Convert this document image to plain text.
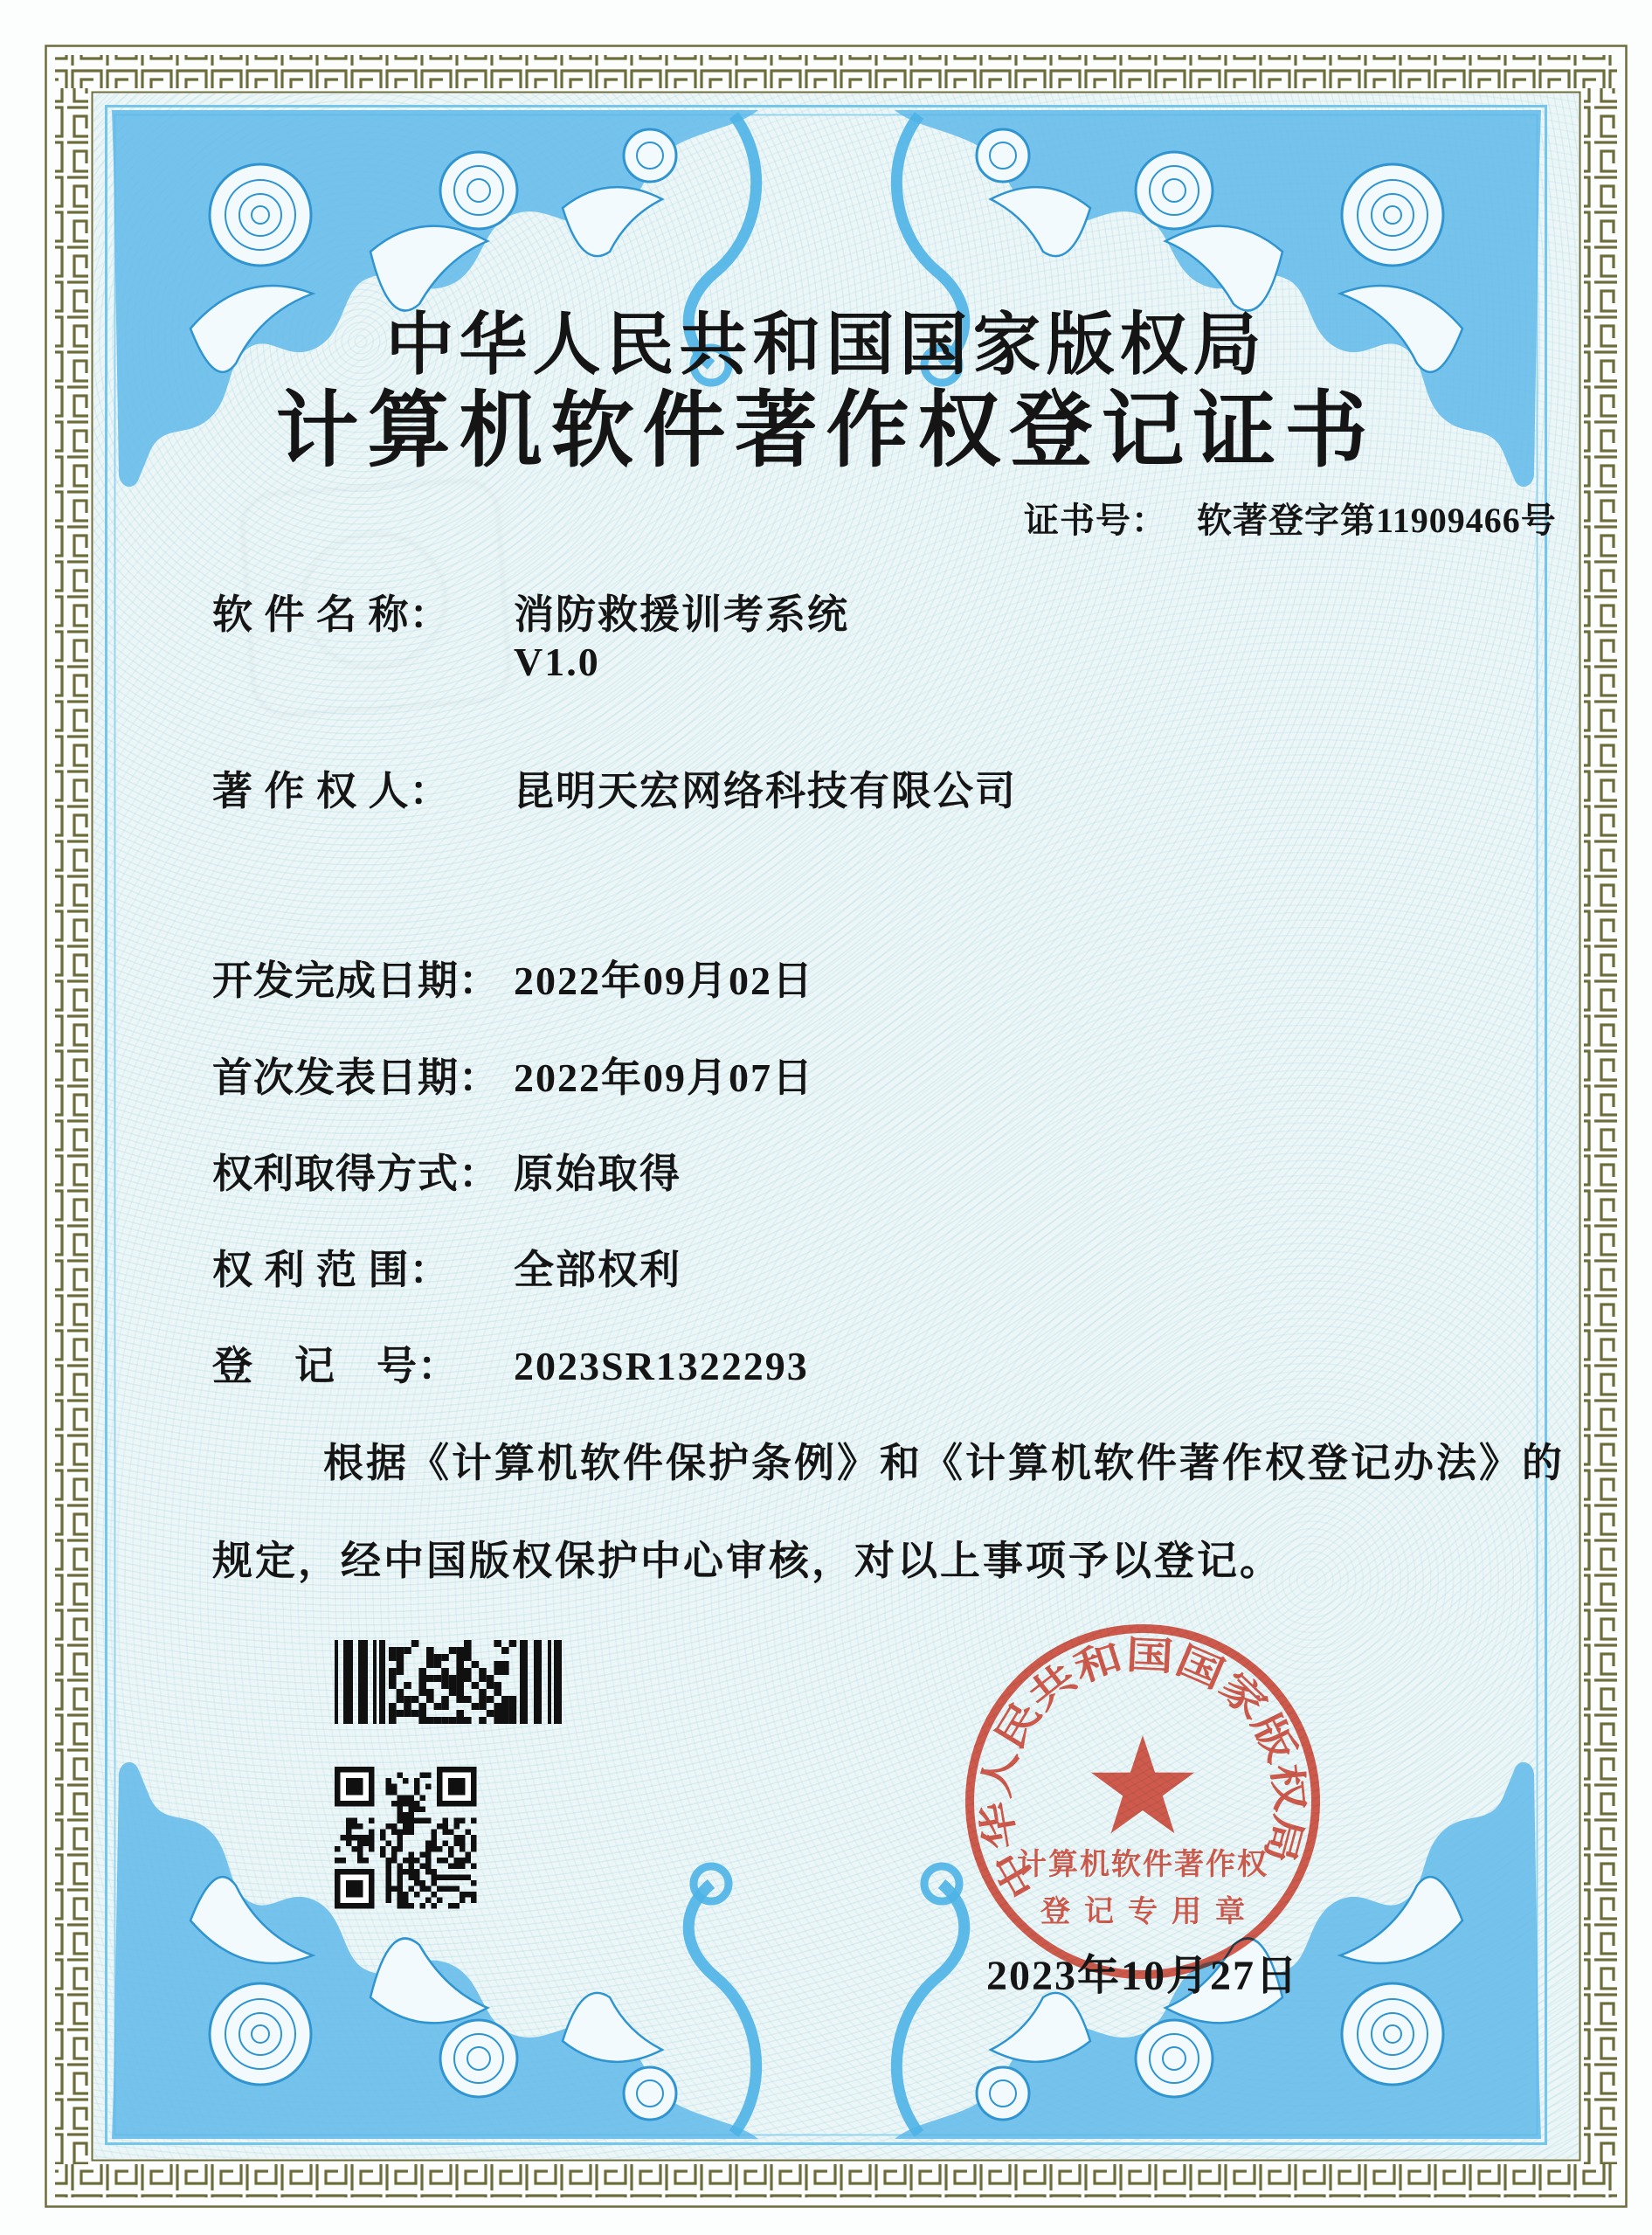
中华人民共和国国家版权局
计算机软件著作权登记证书
证书号： 软著登字第11909466号
软 件 名 称：	消防救援训考系统
V1.0
著 作 权 人：	昆明天宏网络科技有限公司
开发完成日期： 2022年09月02日
首次发表日期： 2022年09月07日
权利取得方式： 原始取得
权 利 范 围：	全部权利
登　记　号：	2023SR1322293
根据《计算机软件保护条例》和《计算机软件著作权登记办法》的
规定，经中国版权保护中心审核，对以上事项予以登记。
中华人民共和国国家版权局
计算机软件著作权
登记专用章
2023年10月27日
